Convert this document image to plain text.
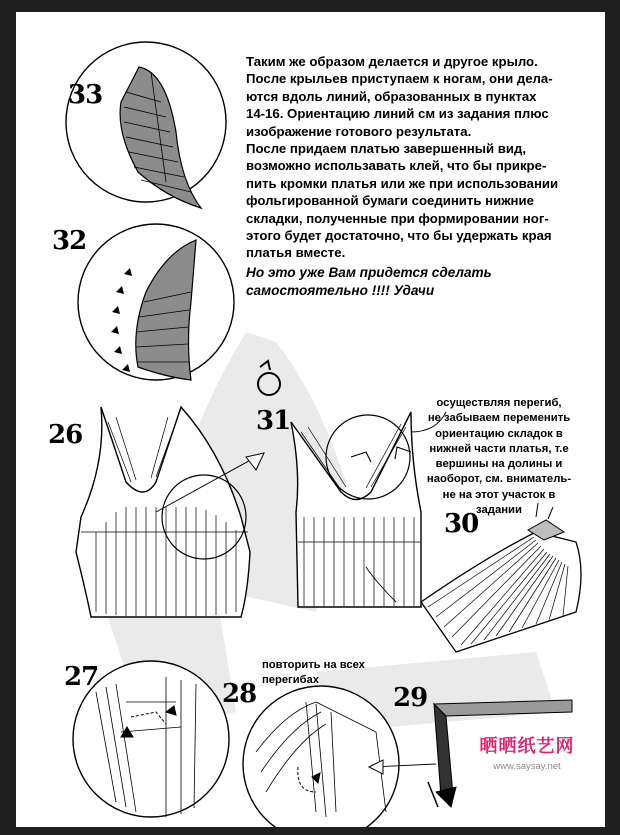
Таким же образом делается и другое крыло.

После крыльев приступаем к ногам, они дела-

ются вдоль линий, образованных в пунктах

14-16. Ориентацию линий см из задания плюс

изображение готового результата.

После придаем платью завершенный вид,

возможно использавать клей, что бы прикре-

пить кромки платья или же при использовании

фольгированной бумаги соединить нижние

складки, полученные при формировании ног-

этого будет достаточно, что бы удержать края

платья вместе.

Но это уже Вам придется сделать

самостоятельно !!!! Удачи

осуществляя перегиб,
не забываем переменить
ориентацию складок в
нижней части платья, т.е
вершины на долины и
наоборот, см. вниматель-
не на этот участок в
задании
повторить на всех
перегибах
33
32
26	31
30
27
28	29
晒晒纸艺网
www.saysay.net
